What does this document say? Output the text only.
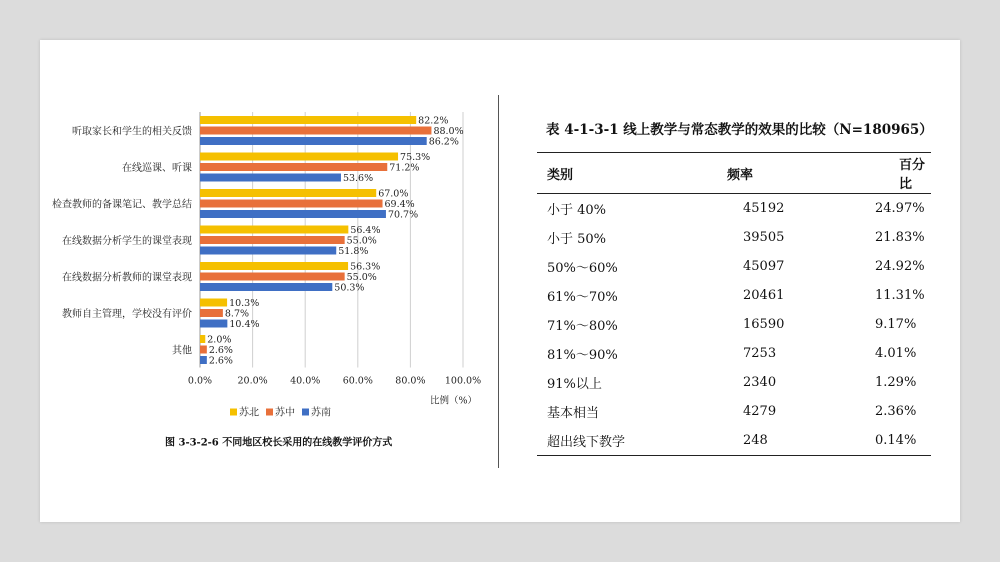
0.0%	20.0% 40.0% 60.0% 80.0% 100.0%
比例（%）
听取家长和学生的相关反馈
82.2%
88.0%
86.2%
在线巡课、听课
75.3%
71.2%
53.6%
检查教师的备课笔记、教学总结
67.0%
69.4%
70.7%
在线数据分析学生的课堂表现
56.4%
55.0%
51.8%
在线数据分析教师的课堂表现
56.3%
55.0%
50.3%
教师自主管理，学校没有评价
10.3%
8.7%
10.4%
其他
2.0%
2.6%
2.6%
苏北 苏中 苏南
图 3-3-2-6 不同地区校长采用的在线教学评价方式
表 4-1-3-1 线上教学与常态教学的效果的比较（N=180965）
类别	频率	百分比
小于 40%	45192	24.97%
小于 50%	39505	21.83%
50%～60%	45097	24.92%
61%～70%	20461	11.31%
71%～80%	16590	9.17%
81%～90%	7253	4.01%
91%以上	2340	1.29%
基本相当	4279	2.36%
超出线下教学	248	0.14%
